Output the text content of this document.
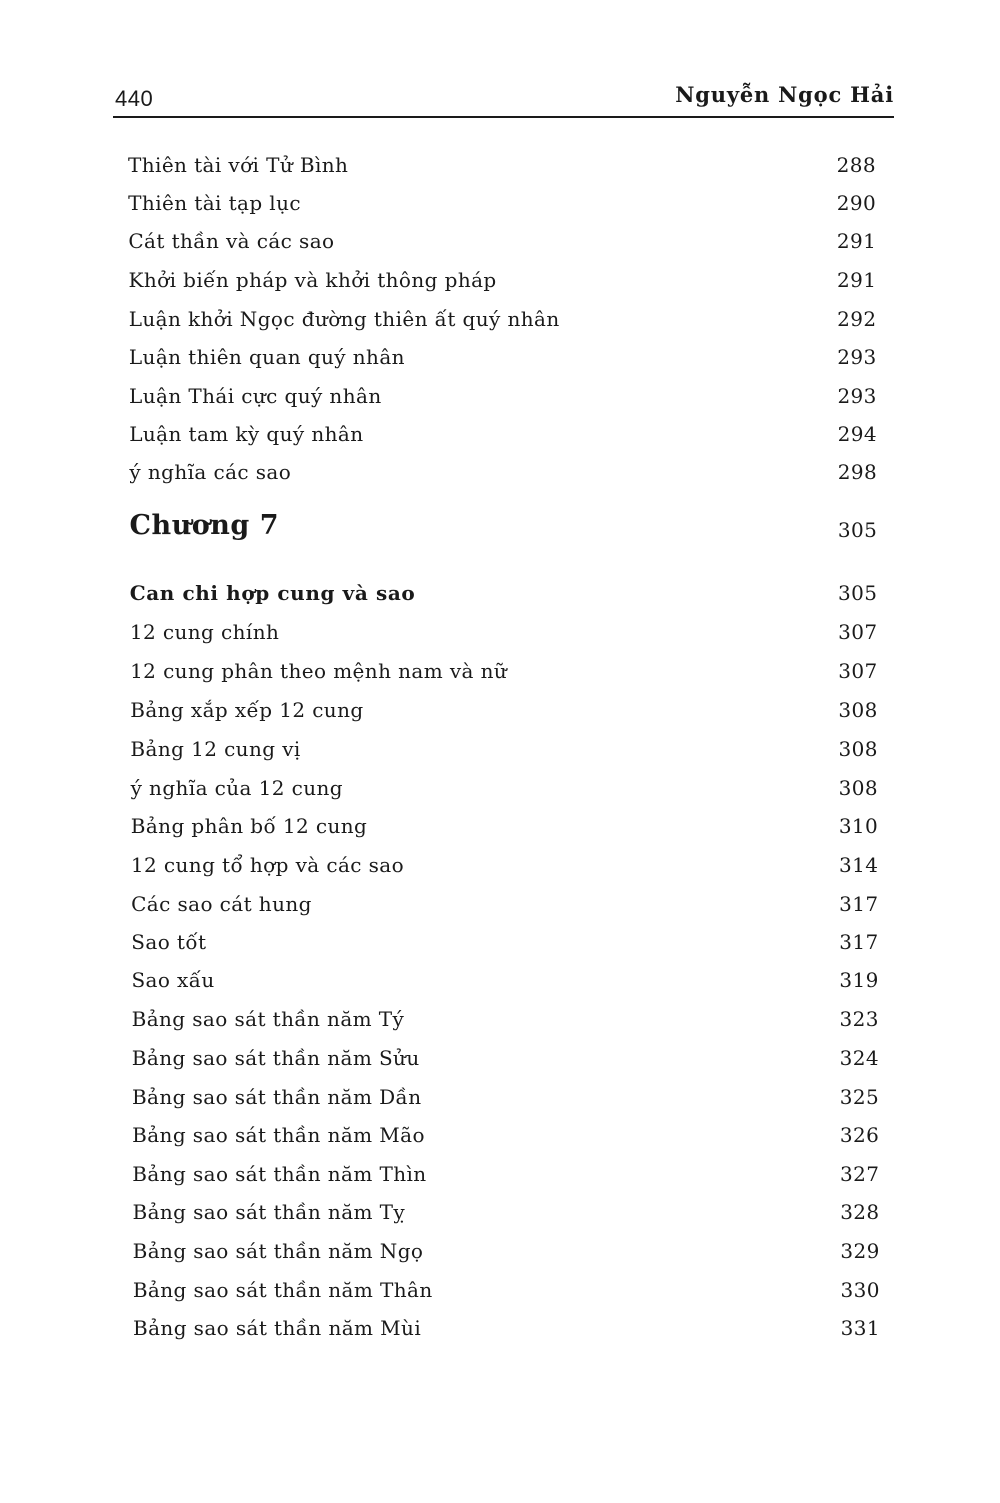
440	Nguyễn Ngọc Hải
Thiên tài với Tử Bình	288
Thiên tài tạp lục	290
Cát thần và các sao	291
Khởi biến pháp và khởi thông pháp	291
Luận khởi Ngọc đường thiên ất quý nhân	292
Luận thiên quan quý nhân	293
Luận Thái cực quý nhân	293
Luận tam kỳ quý nhân	294
ý nghĩa các sao	298
Chương 7	305
Can chi hợp cung và sao	305
12 cung chính	307
12 cung phân theo mệnh nam và nữ	307
Bảng xắp xếp 12 cung	308
Bảng 12 cung vị	308
ý nghĩa của 12 cung	308
Bảng phân bố 12 cung	310
12 cung tổ hợp và các sao	314
Các sao cát hung	317
Sao tốt	317
Sao xấu	319
Bảng sao sát thần năm Tý	323
Bảng sao sát thần năm Sửu	324
Bảng sao sát thần năm Dần	325
Bảng sao sát thần năm Mão	326
Bảng sao sát thần năm Thìn	327
Bảng sao sát thần năm Tỵ	328
Bảng sao sát thần năm Ngọ	329
Bảng sao sát thần năm Thân	330
Bảng sao sát thần năm Mùi	331
